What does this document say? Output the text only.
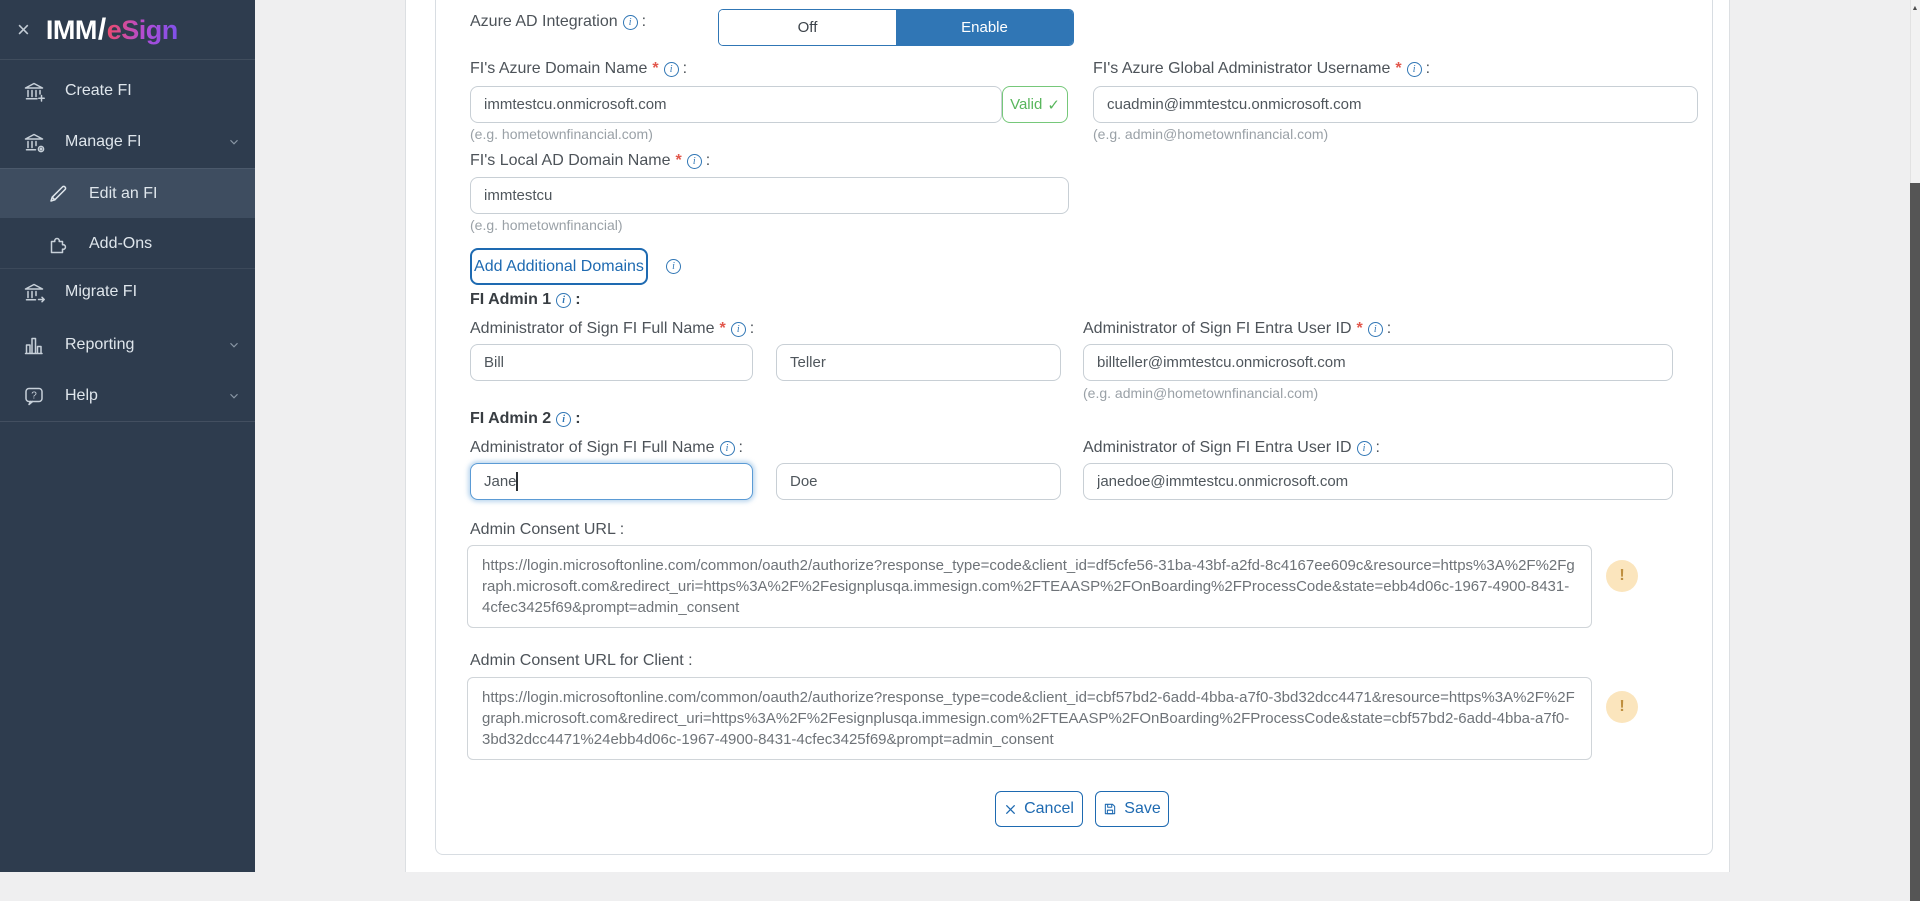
× IMM/eSign
Create FI
Manage FI
Edit an FI
Add-Ons
Migrate FI
Reporting
? Help
Azure AD Integration	i :	Off	Enable
FI's Azure Domain Name *	i :
immtestcu.onmicrosoft.com
Valid ✓
(e.g. hometownfinancial.com)
FI's Azure Global Administrator Username *	i :
cuadmin@immtestcu.onmicrosoft.com
(e.g. admin@hometownfinancial.com)
FI's Local AD Domain Name *	i :
immtestcu
(e.g. hometownfinancial)
Add Additional Domains	i
FI Admin 1	i :
Administrator of Sign FI Full Name *	i :
Bill
Teller	Administrator of Sign FI Entra User ID *	i :
billteller@immtestcu.onmicrosoft.com
(e.g. admin@hometownfinancial.com)
FI Admin 2	i :
Administrator of Sign FI Full Name	i :
Jane
Doe	Administrator of Sign FI Entra User ID	i :
janedoe@immtestcu.onmicrosoft.com
Admin Consent URL :
https://login.microsoftonline.com/common/oauth2/authorize?response_type=code&client_id=df5cfe56-31ba-43bf-a2fd-8c4167ee609c&resource=https%3A%2F%2Fgraph.microsoft.com&redirect_uri=https%3A%2F%2Fesignplusqa.immesign.com%2FTEAASP%2FOnBoarding%2FProcessCode&state=ebb4d06c-1967-4900-8431-4cfec3425f69&prompt=admin_consent
!
Admin Consent URL for Client :
https://login.microsoftonline.com/common/oauth2/authorize?response_type=code&client_id=cbf57bd2-6add-4bba-a7f0-3bd32dcc4471&resource=https%3A%2F%2Fgraph.microsoft.com&redirect_uri=https%3A%2F%2Fesignplusqa.immesign.com%2FTEAASP%2FOnBoarding%2FProcessCode&state=cbf57bd2-6add-4bba-a7f0-3bd32dcc4471%24ebb4d06c-1967-4900-8431-4cfec3425f69&prompt=admin_consent
!
Cancel	Save
▲
